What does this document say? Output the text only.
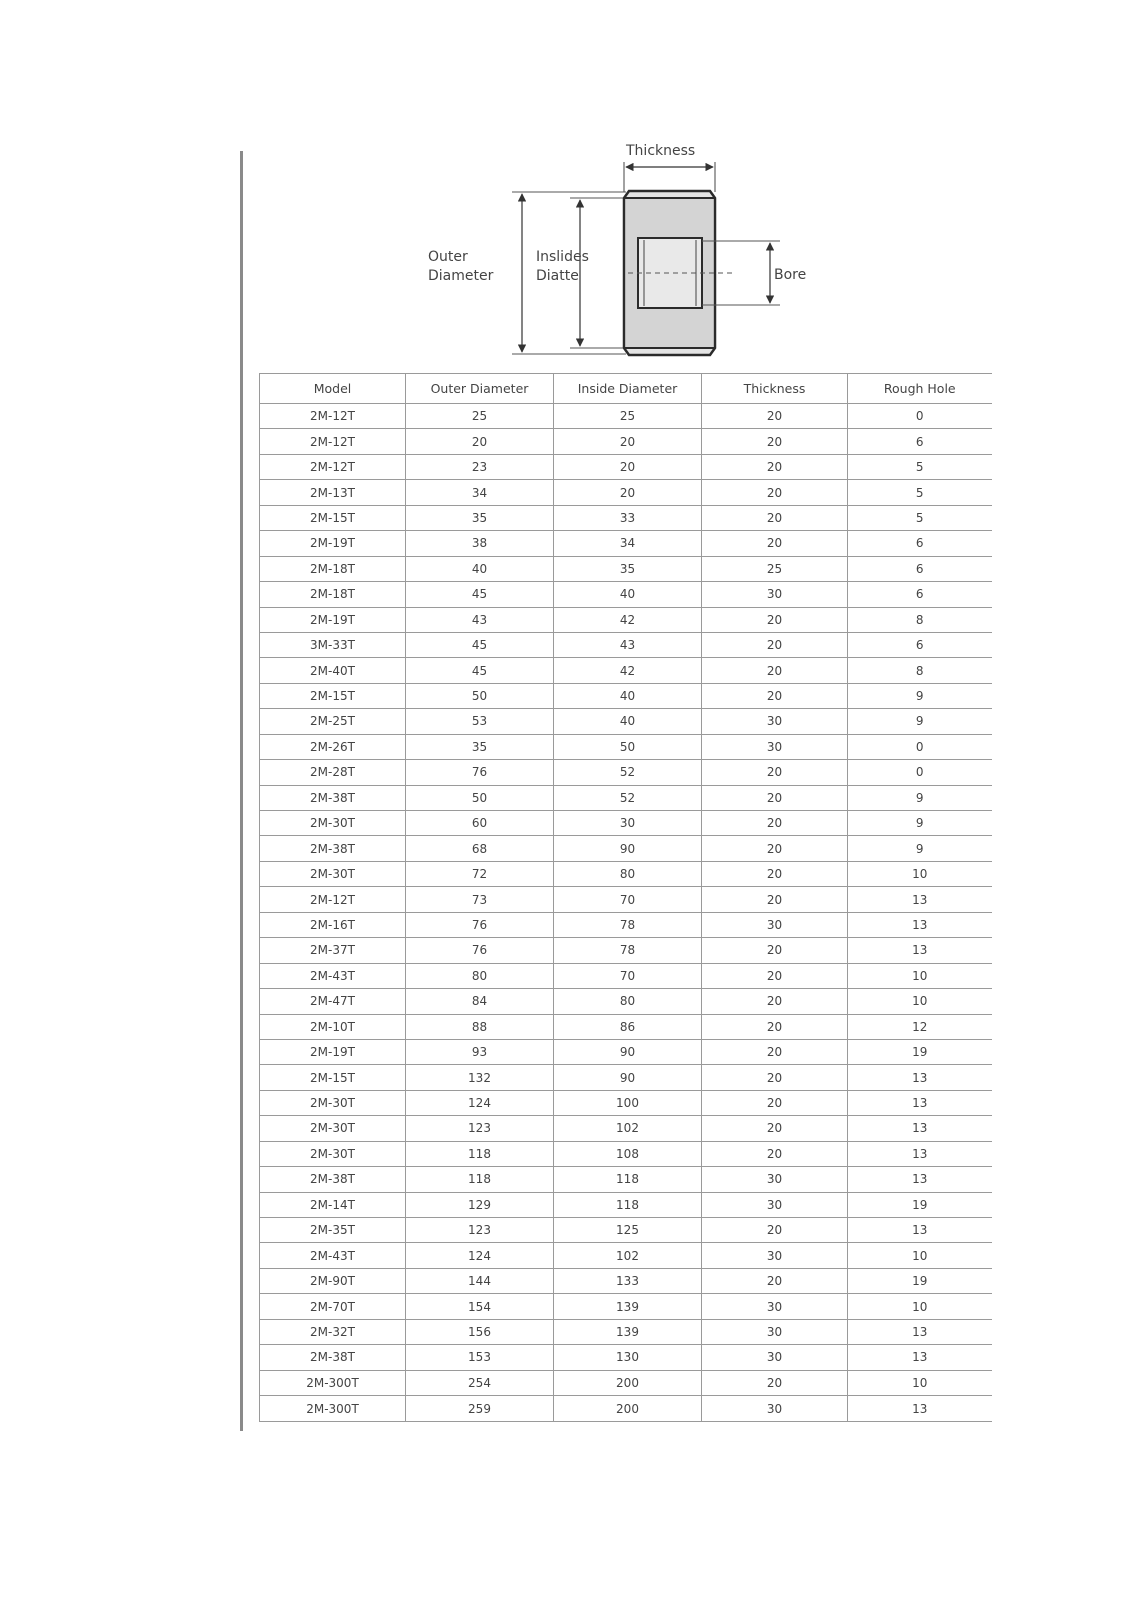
Thickness
Outer
Diameter
Inslides
Diatte	Bore
Model	Outer Diameter	Inside Diameter	Thickness	Rough Hole
2M-12T	25	25	20	0
2M-12T	20	20	20	6
2M-12T	23	20	20	5
2M-13T	34	20	20	5
2M-15T	35	33	20	5
2M-19T	38	34	20	6
2M-18T	40	35	25	6
2M-18T	45	40	30	6
2M-19T	43	42	20	8
3M-33T	45	43	20	6
2M-40T	45	42	20	8
2M-15T	50	40	20	9
2M-25T	53	40	30	9
2M-26T	35	50	30	0
2M-28T	76	52	20	0
2M-38T	50	52	20	9
2M-30T	60	30	20	9
2M-38T	68	90	20	9
2M-30T	72	80	20	10
2M-12T	73	70	20	13
2M-16T	76	78	30	13
2M-37T	76	78	20	13
2M-43T	80	70	20	10
2M-47T	84	80	20	10
2M-10T	88	86	20	12
2M-19T	93	90	20	19
2M-15T	132	90	20	13
2M-30T	124	100	20	13
2M-30T	123	102	20	13
2M-30T	118	108	20	13
2M-38T	118	118	30	13
2M-14T	129	118	30	19
2M-35T	123	125	20	13
2M-43T	124	102	30	10
2M-90T	144	133	20	19
2M-70T	154	139	30	10
2M-32T	156	139	30	13
2M-38T	153	130	30	13
2M-300T	254	200	20	10
2M-300T	259	200	30	13
